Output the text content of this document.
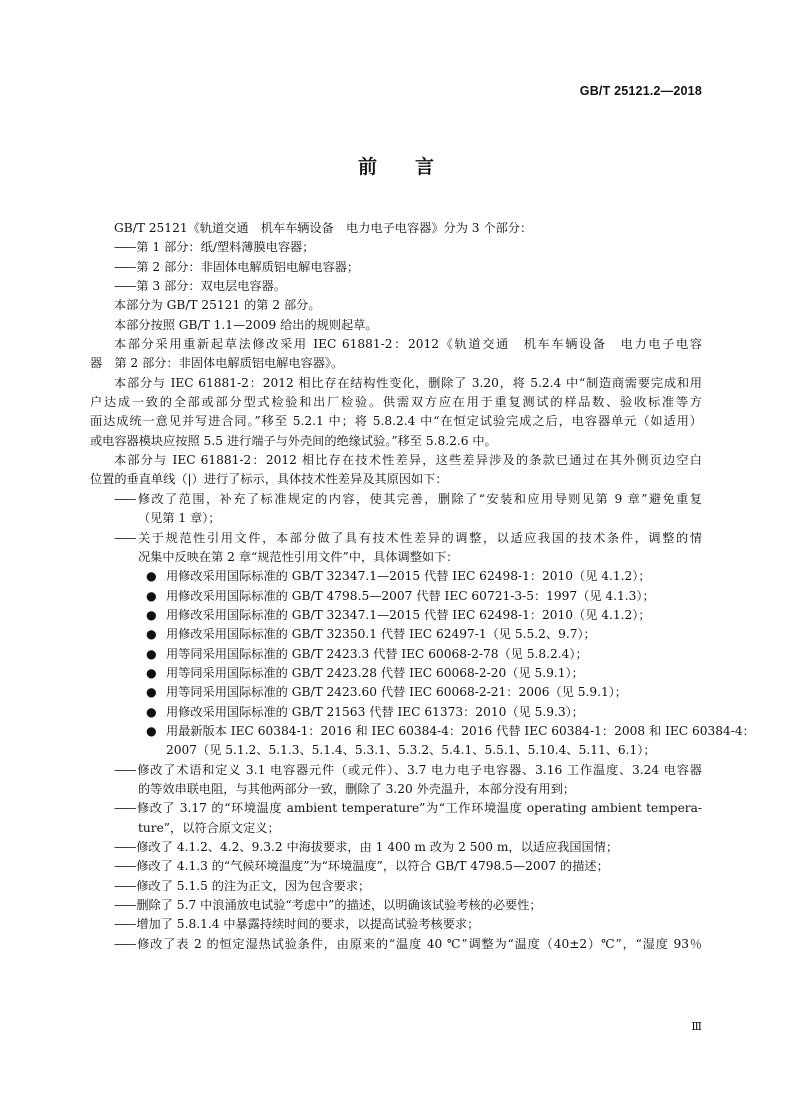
GB/T 25121.2—2018
前 言
GB/T 25121《轨道交通　机车车辆设备　电力电子电容器》分为 3 个部分：
—— 第 1 部分：纸/塑料薄膜电容器；
—— 第 2 部分：非固体电解质铝电解电容器；
—— 第 3 部分：双电层电容器。
本部分为 GB/T 25121 的第 2 部分。
本部分按照 GB/T 1.1—2009 给出的规则起草。
本部分采用重新起草法修改采用 IEC 61881-2：2012《轨道交通　机车车辆设备　电力电子电容
器　第 2 部分：非固体电解质铝电解电容器》。
本部分与 IEC 61881-2：2012 相比存在结构性变化，删除了 3.20，将 5.2.4 中“制造商需要完成和用
户达成一致的全部或部分型式检验和出厂检验。供需双方应在用于重复测试的样品数、验收标准等方
面达成统一意见并写进合同。”移至 5.2.1 中；将 5.8.2.4 中“在恒定试验完成之后，电容器单元（如适用）
或电容器模块应按照 5.5 进行端子与外壳间的绝缘试验。”移至 5.8.2.6 中。
本部分与 IEC 61881-2：2012 相比存在技术性差异，这些差异涉及的条款已通过在其外侧页边空白
位置的垂直单线（|）进行了标示，具体技术性差异及其原因如下：
—— 修改了范围，补充了标准规定的内容，使其完善，删除了“安装和应用导则见第 9 章”避免重复
（见第 1 章）；
—— 关于规范性引用文件，本部分做了具有技术性差异的调整，以适应我国的技术条件，调整的情
况集中反映在第 2 章“规范性引用文件”中，具体调整如下：
● 用修改采用国际标准的 GB/T 32347.1—2015 代替 IEC 62498-1：2010（见 4.1.2）；
● 用修改采用国际标准的 GB/T 4798.5—2007 代替 IEC 60721-3-5：1997（见 4.1.3）；
● 用修改采用国际标准的 GB/T 32347.1—2015 代替 IEC 62498-1：2010（见 4.1.2）；
● 用修改采用国际标准的 GB/T 32350.1 代替 IEC 62497-1（见 5.5.2、9.7）；
● 用等同采用国际标准的 GB/T 2423.3 代替 IEC 60068-2-78（见 5.8.2.4）；
● 用等同采用国际标准的 GB/T 2423.28 代替 IEC 60068-2-20（见 5.9.1）；
● 用等同采用国际标准的 GB/T 2423.60 代替 IEC 60068-2-21：2006（见 5.9.1）；
● 用修改采用国际标准的 GB/T 21563 代替 IEC 61373：2010（见 5.9.3）；
● 用最新版本 IEC 60384-1：2016 和 IEC 60384-4：2016 代替 IEC 60384-1：2008 和 IEC 60384-4：
2007（见 5.1.2、5.1.3、5.1.4、5.3.1、5.3.2、5.4.1、5.5.1、5.10.4、5.11、6.1）；
—— 修改了术语和定义 3.1 电容器元件（或元件）、3.7 电力电子电容器、3.16 工作温度、3.24 电容器
的等效串联电阻，与其他两部分一致，删除了 3.20 外壳温升，本部分没有用到；
—— 修改了 3.17 的“环境温度 ambient temperature”为“工作环境温度 operating ambient tempera-
ture”，以符合原文定义；
—— 修改了 4.1.2、4.2、9.3.2 中海拔要求，由 1 400 m 改为 2 500 m，以适应我国国情；
—— 修改了 4.1.3 的“气候环境温度”为“环境温度”，以符合 GB/T 4798.5—2007 的描述；
—— 修改了 5.1.5 的注为正文，因为包含要求；
—— 删除了 5.7 中浪涌放电试验“考虑中”的描述，以明确该试验考核的必要性；
—— 增加了 5.8.1.4 中暴露持续时间的要求，以提高试验考核要求；
—— 修改了表 2 的恒定湿热试验条件，由原来的“温度 40 ℃”调整为“温度（40±2）℃”，“湿度 93％
Ⅲ
